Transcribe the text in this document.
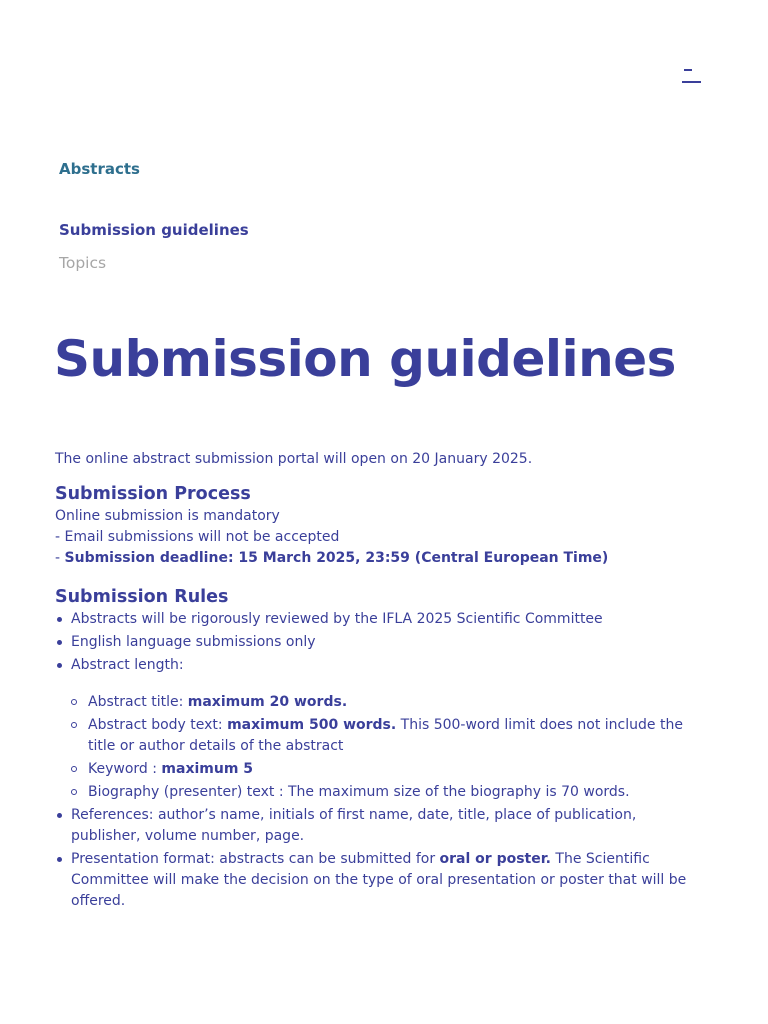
Abstracts
Submission guidelines
Topics
Submission guidelines

The online abstract submission portal will open on 20 January 2025.

Submission Process

Online submission is mandatory

- Email submissions will not be accepted

- Submission deadline: 15 March 2025, 23:59 (Central European Time)

Submission Rules
Abstracts will be rigorously reviewed by the IFLA 2025 Scientific Committee
English language submissions only
Abstract length:
Abstract title: maximum 20 words.
Abstract body text: maximum 500 words. This 500-word limit does not include the title or author details of the abstract
Keyword : maximum 5
Biography (presenter) text : The maximum size of the biography is 70 words.
References: author’s name, initials of first name, date, title, place of publication, publisher, volume number, page.
Presentation format: abstracts can be submitted for oral or poster. The Scientific Committee will make the decision on the type of oral presentation or poster that will be offered.
